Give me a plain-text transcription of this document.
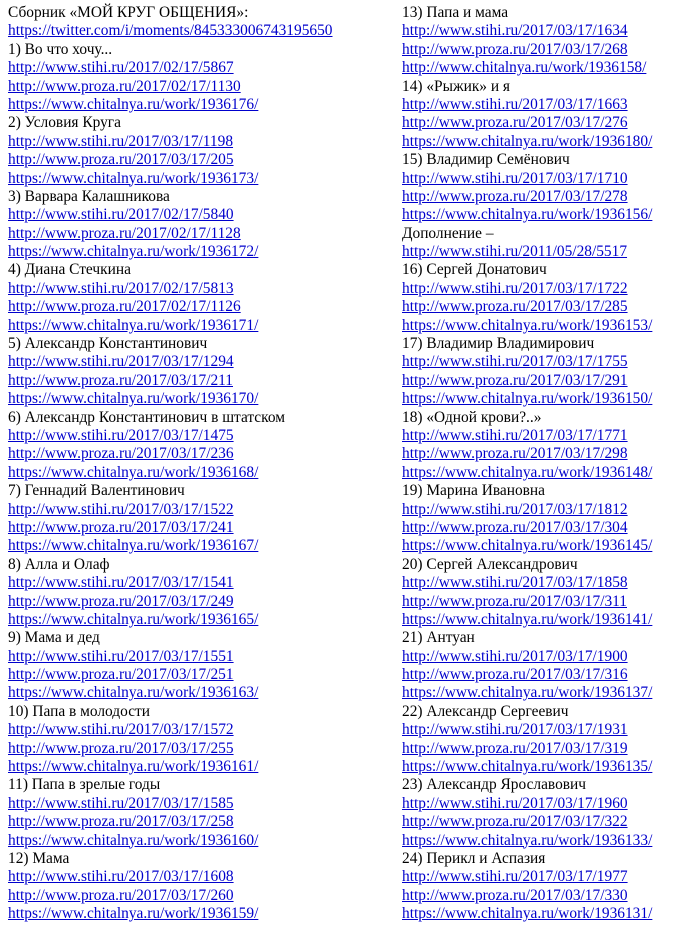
Сборник «МОЙ КРУГ ОБЩЕНИЯ»:
https://twitter.com/i/moments/845333006743195650
1) Во что хочу...
http://www.stihi.ru/2017/02/17/5867
http://www.proza.ru/2017/02/17/1130
https://www.chitalnya.ru/work/1936176/
2) Условия Круга
http://www.stihi.ru/2017/03/17/1198
http://www.proza.ru/2017/03/17/205
https://www.chitalnya.ru/work/1936173/
3) Варвара Калашникова
http://www.stihi.ru/2017/02/17/5840
http://www.proza.ru/2017/02/17/1128
https://www.chitalnya.ru/work/1936172/
4) Диана Стечкина
http://www.stihi.ru/2017/02/17/5813
http://www.proza.ru/2017/02/17/1126
https://www.chitalnya.ru/work/1936171/
5) Александр Константинович
http://www.stihi.ru/2017/03/17/1294
http://www.proza.ru/2017/03/17/211
https://www.chitalnya.ru/work/1936170/
6) Александр Константинович в штатском
http://www.stihi.ru/2017/03/17/1475
http://www.proza.ru/2017/03/17/236
https://www.chitalnya.ru/work/1936168/
7) Геннадий Валентинович
http://www.stihi.ru/2017/03/17/1522
http://www.proza.ru/2017/03/17/241
https://www.chitalnya.ru/work/1936167/
8) Алла и Олаф
http://www.stihi.ru/2017/03/17/1541
http://www.proza.ru/2017/03/17/249
https://www.chitalnya.ru/work/1936165/
9) Мама и дед
http://www.stihi.ru/2017/03/17/1551
http://www.proza.ru/2017/03/17/251
https://www.chitalnya.ru/work/1936163/
10) Папа в молодости
http://www.stihi.ru/2017/03/17/1572
http://www.proza.ru/2017/03/17/255
https://www.chitalnya.ru/work/1936161/
11) Папа в зрелые годы
http://www.stihi.ru/2017/03/17/1585
http://www.proza.ru/2017/03/17/258
https://www.chitalnya.ru/work/1936160/
12) Мама
http://www.stihi.ru/2017/03/17/1608
http://www.proza.ru/2017/03/17/260
https://www.chitalnya.ru/work/1936159/
13) Папа и мама
http://www.stihi.ru/2017/03/17/1634
http://www.proza.ru/2017/03/17/268
http://www.chitalnya.ru/work/1936158/
14) «Рыжик» и я
http://www.stihi.ru/2017/03/17/1663
http://www.proza.ru/2017/03/17/276
https://www.chitalnya.ru/work/1936180/
15) Владимир Семёнович
http://www.stihi.ru/2017/03/17/1710
http://www.proza.ru/2017/03/17/278
https://www.chitalnya.ru/work/1936156/
Дополнение –
http://www.stihi.ru/2011/05/28/5517
16) Сергей Донатович
http://www.stihi.ru/2017/03/17/1722
http://www.proza.ru/2017/03/17/285
https://www.chitalnya.ru/work/1936153/
17) Владимир Владимирович
http://www.stihi.ru/2017/03/17/1755
http://www.proza.ru/2017/03/17/291
https://www.chitalnya.ru/work/1936150/
18) «Одной крови?..»
http://www.stihi.ru/2017/03/17/1771
http://www.proza.ru/2017/03/17/298
https://www.chitalnya.ru/work/1936148/
19) Марина Ивановна
http://www.stihi.ru/2017/03/17/1812
http://www.proza.ru/2017/03/17/304
https://www.chitalnya.ru/work/1936145/
20) Сергей Александрович
http://www.stihi.ru/2017/03/17/1858
http://www.proza.ru/2017/03/17/311
https://www.chitalnya.ru/work/1936141/
21) Антуан
http://www.stihi.ru/2017/03/17/1900
http://www.proza.ru/2017/03/17/316
https://www.chitalnya.ru/work/1936137/
22) Александр Сергеевич
http://www.stihi.ru/2017/03/17/1931
http://www.proza.ru/2017/03/17/319
https://www.chitalnya.ru/work/1936135/
23) Александр Ярославович
http://www.stihi.ru/2017/03/17/1960
http://www.proza.ru/2017/03/17/322
https://www.chitalnya.ru/work/1936133/
24) Перикл и Аспазия
http://www.stihi.ru/2017/03/17/1977
http://www.proza.ru/2017/03/17/330
https://www.chitalnya.ru/work/1936131/
